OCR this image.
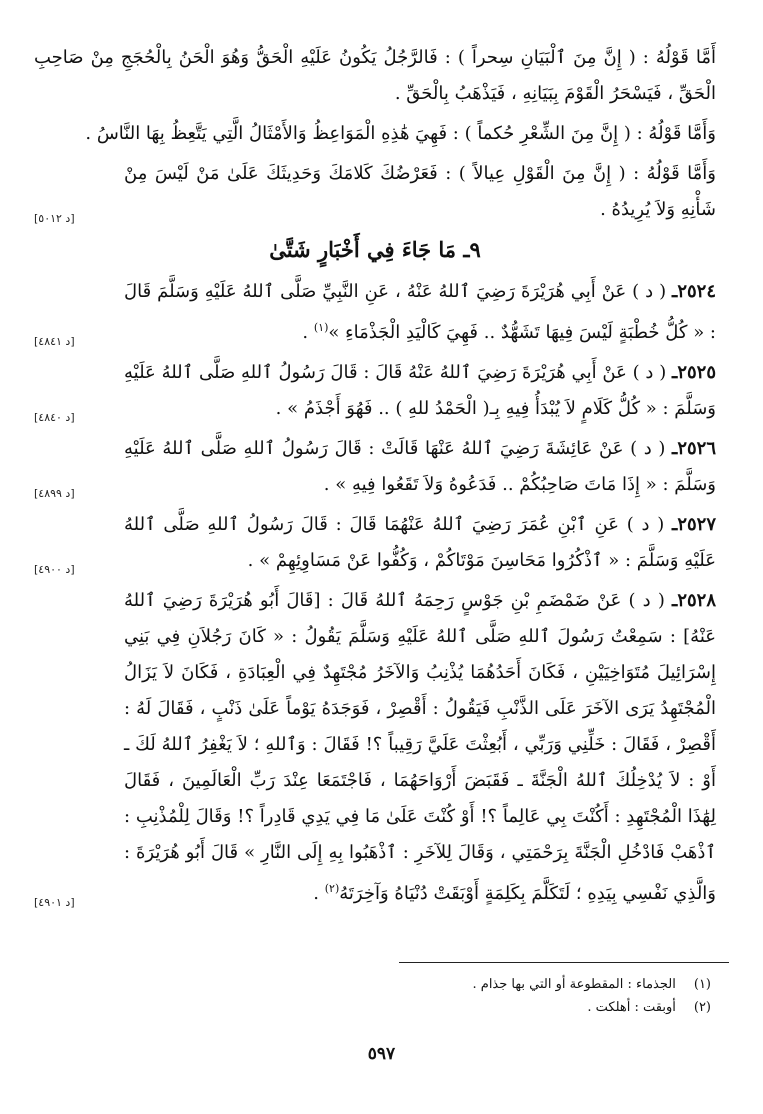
أَمَّا قَوْلُهُ : ( إِنَّ مِنَ ٱلْبَيَانِ سِحراً ) : فَالرَّجُلُ يَكُونُ عَلَيْهِ الْحَقُّ وَهُوَ الْحَنُ بِالْحُجَجِ مِنْ صَاحِبِ الْحَقِّ ، فَيَسْحَرُ الْقَوْمَ بِبَيَانِهِ ، فَيَذْهَبُ بِالْحَقِّ .

وَأَمَّا قَوْلُهُ : ( إِنَّ مِنَ الشِّعْرِ حُكماً ) : فَهِيَ هَٰذِهِ الْمَوَاعِظُ وَالأَمْثَالُ الَّتِي يَتَّعِظُ بِهَا النَّاسُ .

وَأَمَّا قَوْلُهُ : ( إِنَّ مِنَ الْقَوْلِ عِيالاً ) : فَعَرْضُكَ كَلامَكَ وَحَدِيثَكَ عَلَىٰ مَنْ لَيْسَ مِنْ شَأْنِهِ وَلاَ يُرِيدُهُ .

[د ٥٠١٢]
٩ـ مَا جَاءَ فِي أَخْبَارٍ شَتَّىٰ

٢٥٢٤ـ ( د ) عَنْ أَبِي هُرَيْرَةَ رَضِيَ ٱللهُ عَنْهُ ، عَنِ النَّبِيِّ صَلَّى ٱللهُ عَلَيْهِ وَسَلَّمَ قَالَ : « كُلُّ خُطْبَةٍ لَيْسَ فِيهَا تَشَهُّدٌ .. فَهِيَ كَالْيَدِ الْجَذْمَاءِ »$^{(١)}$ .

[د ٤٨٤١]

٢٥٢٥ـ ( د ) عَنْ أَبِي هُرَيْرَةَ رَضِيَ ٱللهُ عَنْهُ قَالَ : قَالَ رَسُولُ ٱللهِ صَلَّى ٱللهُ عَلَيْهِ وَسَلَّمَ : « كُلُّ كَلَامٍ لاَ يُبْدَأُ فِيهِ بِـ( الْحَمْدُ للهِ ) .. فَهُوَ أَجْذَمُ » .

[د ٤٨٤٠]

٢٥٢٦ـ ( د ) عَنْ عَائِشَةَ رَضِيَ ٱللهُ عَنْهَا قَالَتْ : قَالَ رَسُولُ ٱللهِ صَلَّى ٱللهُ عَلَيْهِ وَسَلَّمَ : « إِذَا مَاتَ صَاحِبُكُمْ .. فَدَعُوهُ وَلاَ تَقَعُوا فِيهِ » .

[د ٤٨٩٩]

٢٥٢٧ـ ( د ) عَنِ ٱبْنِ عُمَرَ رَضِيَ ٱللهُ عَنْهُمَا قَالَ : قَالَ رَسُولُ ٱللهِ صَلَّى ٱللهُ عَلَيْهِ وَسَلَّمَ : « ٱذْكُرُوا مَحَاسِنَ مَوْتَاكُمْ ، وَكُفُّوا عَنْ مَسَاوِئِهِمْ » .

[د ٤٩٠٠]

٢٥٢٨ـ ( د ) عَنْ ضَمْضَمِ بْنِ جَوْسٍ رَحِمَهُ ٱللهُ قَالَ : [قَالَ أَبُو هُرَيْرَةَ رَضِيَ ٱللهُ عَنْهُ] : سَمِعْتُ رَسُولَ ٱللهِ صَلَّى ٱللهُ عَلَيْهِ وَسَلَّمَ يَقُولُ : « كَانَ رَجُلاَنِ فِي بَنِي إِسْرَائِيلَ مُتَوَاخِيَيْنِ ، فَكَانَ أَحَدُهُمَا يُذْنِبُ وَالآخَرُ مُجْتَهِدٌ فِي الْعِبَادَةِ ، فَكَانَ لاَ يَزَالُ الْمُجْتَهِدُ يَرَى الآخَرَ عَلَى الذَّنْبِ فَيَقُولُ : أَقْصِرْ ، فَوَجَدَهُ يَوْماً عَلَىٰ ذَنْبٍ ، فَقَالَ لَهُ : أَقْصِرْ ، فَقَالَ : خَلِّنِي وَرَبِّي ، أَبُعِثْتَ عَلَيَّ رَقِيباً ؟! فَقَالَ : وَٱللهِ ؛ لاَ يَغْفِرُ ٱللهُ لَكَ ـ أَوْ : لاَ يُدْخِلُكَ ٱللهُ الْجَنَّةَ ـ فَقَبَضَ أَرْوَاحَهُمَا ، فَاجْتَمَعَا عِنْدَ رَبِّ الْعَالَمِينَ ، فَقَالَ لِهَٰذَا الْمُجْتَهِدِ : أَكُنْتَ بِي عَالِماً ؟! أَوْ كُنْتَ عَلَىٰ مَا فِي يَدِي قَادِراً ؟! وَقَالَ لِلْمُذْنِبِ : ٱذْهَبْ فَادْخُلِ الْجَنَّةَ بِرَحْمَتِي ، وَقَالَ لِلآخَرِ : ٱذْهَبُوا بِهِ إِلَى النَّارِ » قَالَ أَبُو هُرَيْرَةَ : وَالَّذِي نَفْسِي بِيَدِهِ ؛ لَتَكَلَّمَ بِكَلِمَةٍ أَوْبَقَتْ دُنْيَاهُ وَآخِرَتَهُ$^{(٢)}$ .

[د ٤٩٠١]
(١)الجذماء : المقطوعة أو التي بها جذام .
(٢)أوبقت : أهلكت .
٥٩٧
